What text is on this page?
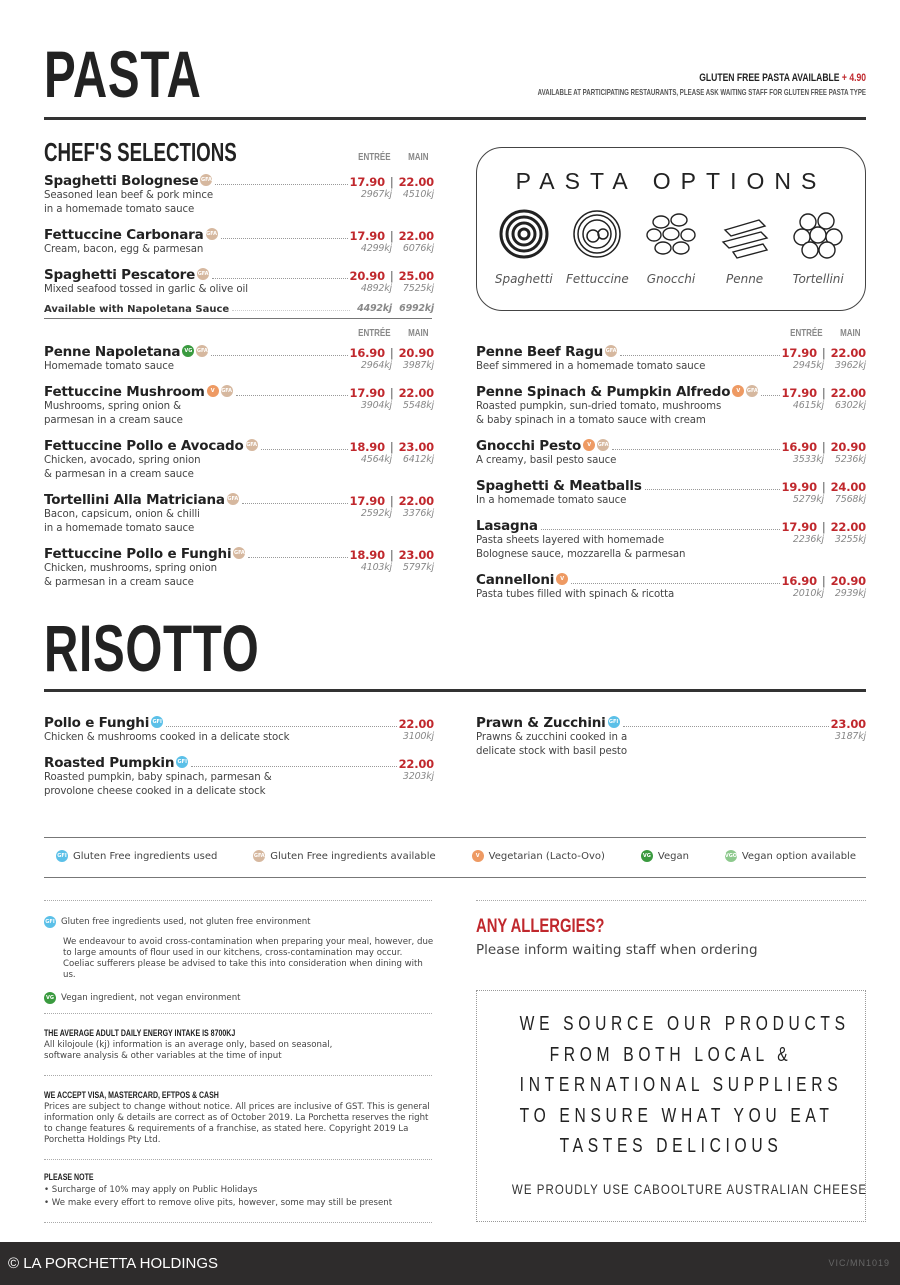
PASTA	GLUTEN FREE PASTA AVAILABLE + 4.90
AVAILABLE AT PARTICIPATING RESTAURANTS, PLEASE ASK WAITING STAFF FOR GLUTEN FREE PASTA TYPE
CHEF'S SELECTIONS	ENTRÉE MAIN
Spaghetti Bolognese GFA	17.90 | 22.00
Seasoned lean beef & pork mince
in a homemade tomato sauce
2967kj 4510kj
Fettuccine Carbonara GFA	17.90 | 22.00
Cream, bacon, egg & parmesan	4299kj 6076kj
Spaghetti Pescatore GFA	20.90 | 25.00
Mixed seafood tossed in garlic & olive oil	4892kj 7525kj
Available with Napoletana Sauce	4492kj 6992kj
PASTA OPTIONS
Spaghetti	Fettuccine	Gnocchi	Penne	Tortellini
ENTRÉE MAIN
Penne Napoletana VG GFA	16.90 | 20.90
Homemade tomato sauce	2964kj 3987kj
Fettuccine Mushroom	V	GFA	17.90 | 22.00
Mushrooms, spring onion &
parmesan in a cream sauce
3904kj 5548kj
Fettuccine Pollo e Avocado GFA	18.90 | 23.00
Chicken, avocado, spring onion
& parmesan in a cream sauce
4564kj 6412kj
Tortellini Alla Matriciana GFA	17.90 | 22.00
Bacon, capsicum, onion & chilli
in a homemade tomato sauce
2592kj 3376kj
Fettuccine Pollo e Funghi GFA	18.90 | 23.00
Chicken, mushrooms, spring onion
& parmesan in a cream sauce
4103kj 5797kj
ENTRÉE MAIN
Penne Beef Ragu GFA	17.90 | 22.00
Beef simmered in a homemade tomato sauce	2945kj 3962kj
Penne Spinach & Pumpkin Alfredo	V	GFA 17.90 | 22.00
Roasted pumpkin, sun-dried tomato, mushrooms
& baby spinach in a tomato sauce with cream
4615kj 6302kj
Gnocchi Pesto	V	GFA	16.90 | 20.90
A creamy, basil pesto sauce	3533kj 5236kj
Spaghetti & Meatballs	19.90 | 24.00
In a homemade tomato sauce	5279kj 7568kj
Lasagna	17.90 | 22.00
Pasta sheets layered with homemade
Bolognese sauce, mozzarella & parmesan
2236kj 3255kj
Cannelloni	V	16.90 | 20.90
Pasta tubes filled with spinach & ricotta	2010kj 2939kj
RISOTTO
Pollo e Funghi GFI	22.00
Chicken & mushrooms cooked in a delicate stock	3100kj
Roasted Pumpkin GFI	22.00
Roasted pumpkin, baby spinach, parmesan &
provolone cheese cooked in a delicate stock
3203kj
Prawn & Zucchini GFI	23.00
Prawns & zucchini cooked in a
delicate stock with basil pesto
3187kj
GFI Gluten Free ingredients used	GFA Gluten Free ingredients available	V Vegetarian (Lacto-Ovo)	VG Vegan	VGO Vegan option available
GFI Gluten free ingredients used, not gluten free environment
We endeavour to avoid cross-contamination when preparing your meal, however, due to large amounts of flour used in our kitchens, cross-contamination may occur. Coeliac sufferers please be advised to take this into consideration when dining with us.
VG Vegan ingredient, not vegan environment
THE AVERAGE ADULT DAILY ENERGY INTAKE IS 8700KJ
All kilojoule (kj) information is an average only, based on seasonal, software analysis & other variables at the time of input
WE ACCEPT VISA, MASTERCARD, EFTPOS & CASH
Prices are subject to change without notice. All prices are inclusive of GST. This is general information only & details are correct as of October 2019. La Porchetta reserves the right to change features & requirements of a franchise, as stated here. Copyright 2019 La Porchetta Holdings Pty Ltd.
PLEASE NOTE
• Surcharge of 10% may apply on Public Holidays
• We make every effort to remove olive pits, however, some may still be present
ANY ALLERGIES?
Please inform waiting staff when ordering
WE SOURCE OUR PRODUCTS
FROM BOTH LOCAL &
INTERNATIONAL SUPPLIERS
TO ENSURE WHAT YOU EAT
TASTES DELICIOUS
WE PROUDLY USE CABOOLTURE AUSTRALIAN CHEESE
© LA PORCHETTA HOLDINGS	VIC/MN1019
